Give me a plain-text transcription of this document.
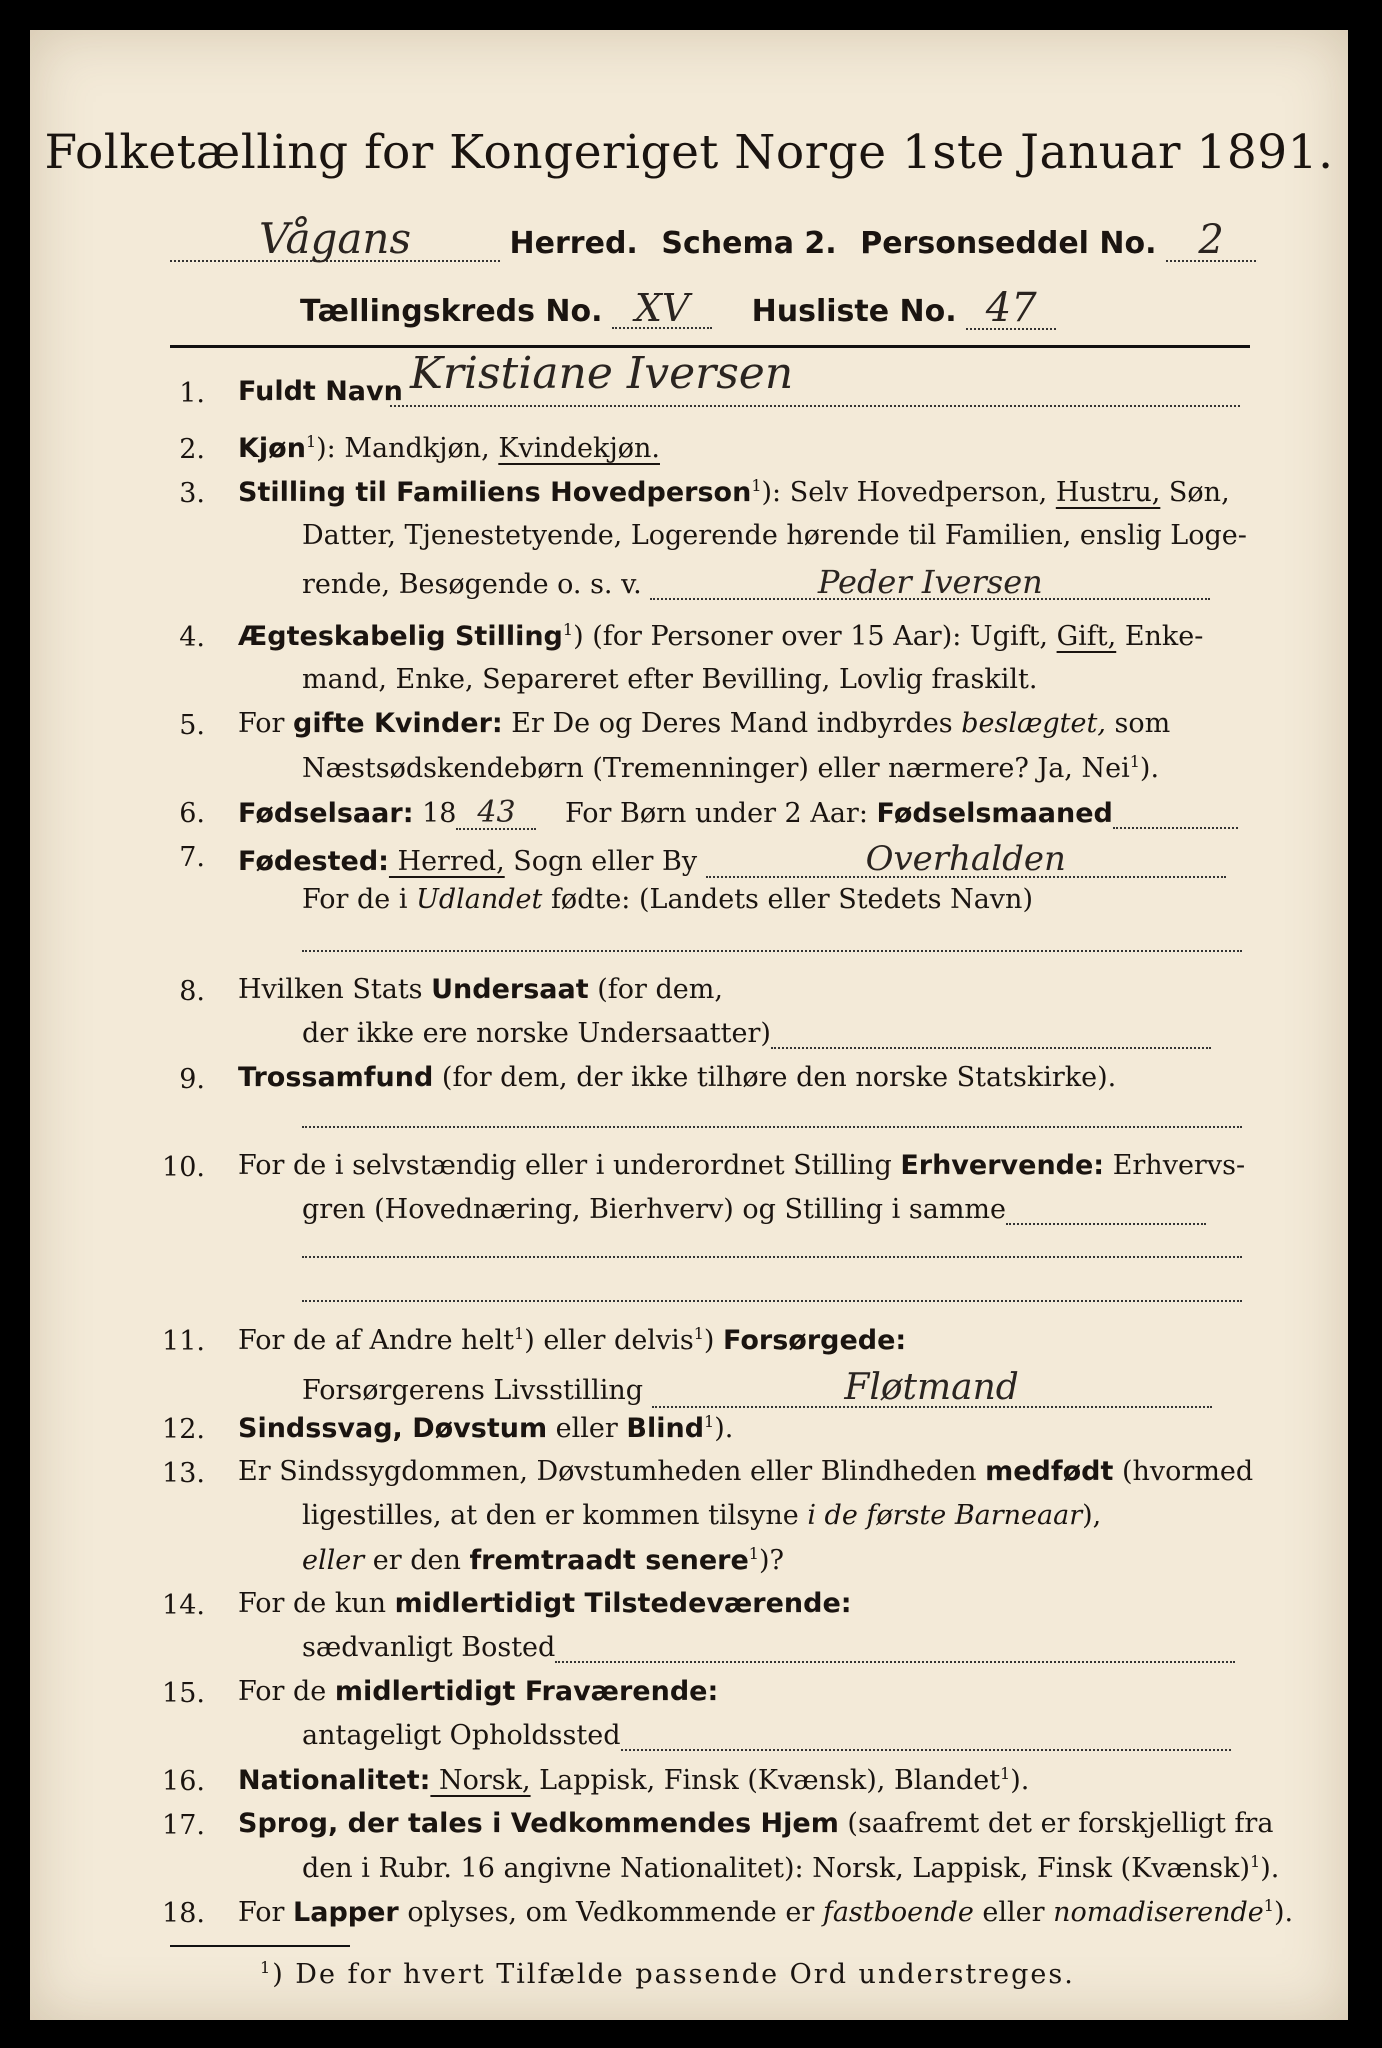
Folketælling for Kongeriget Norge 1ste Januar 1891.
Vågans	Herred. Schema 2. Personseddel No. 2
Tællingskreds No. XV Husliste No. 47
1. Fuldt Navn Kristiane Iversen
2. Kjøn$^1$): Mandkjøn, Kvindekjøn.
3. Stilling til Familiens Hovedperson$^1$): Selv Hovedperson, Hustru, Søn,
Datter, Tjenestetyende, Logerende hørende til Familien, enslig Loge-
rende, Besøgende o. s. v.	Peder Iversen
4. Ægteskabelig Stilling$^1$) (for Personer over 15 Aar): Ugift, Gift, Enke-
mand, Enke, Separeret efter Bevilling, Lovlig fraskilt.
5. For gifte Kvinder: Er De og Deres Mand indbyrdes beslægtet, som
Næstsødskendebørn (Tremenninger) eller nærmere? Ja, Nei$^1$).
6. Fødselsaar: 18 43 For Børn under 2 Aar: Fødselsmaaned
7. Fødested: Herred, Sogn eller By	Overhalden
For de i Udlandet fødte: (Landets eller Stedets Navn)
8. Hvilken Stats Undersaat (for dem,
der ikke ere norske Undersaatter)
9. Trossamfund (for dem, der ikke tilhøre den norske Statskirke).
10. For de i selvstændig eller i underordnet Stilling Erhvervende: Erhvervs-
gren (Hovednæring, Bierhverv) og Stilling i samme
11. For de af Andre helt$^1$) eller delvis$^1$) Forsørgede:
Forsørgerens Livsstilling	Fløtmand
12. Sindssvag, Døvstum eller Blind$^1$).
13. Er Sindssygdommen, Døvstumheden eller Blindheden medfødt (hvormed
ligestilles, at den er kommen tilsyne i de første Barneaar),
eller er den fremtraadt senere$^1$)?
14. For de kun midlertidigt Tilstedeværende:
sædvanligt Bosted
15. For de midlertidigt Fraværende:
antageligt Opholdssted
16. Nationalitet: Norsk, Lappisk, Finsk (Kvænsk), Blandet$^1$).
17. Sprog, der tales i Vedkommendes Hjem (saafremt det er forskjelligt fra
den i Rubr. 16 angivne Nationalitet): Norsk, Lappisk, Finsk (Kvænsk)$^1$).
18. For Lapper oplyses, om Vedkommende er fastboende eller nomadiserende$^1$).
$^1$) De for hvert Tilfælde passende Ord understreges.
